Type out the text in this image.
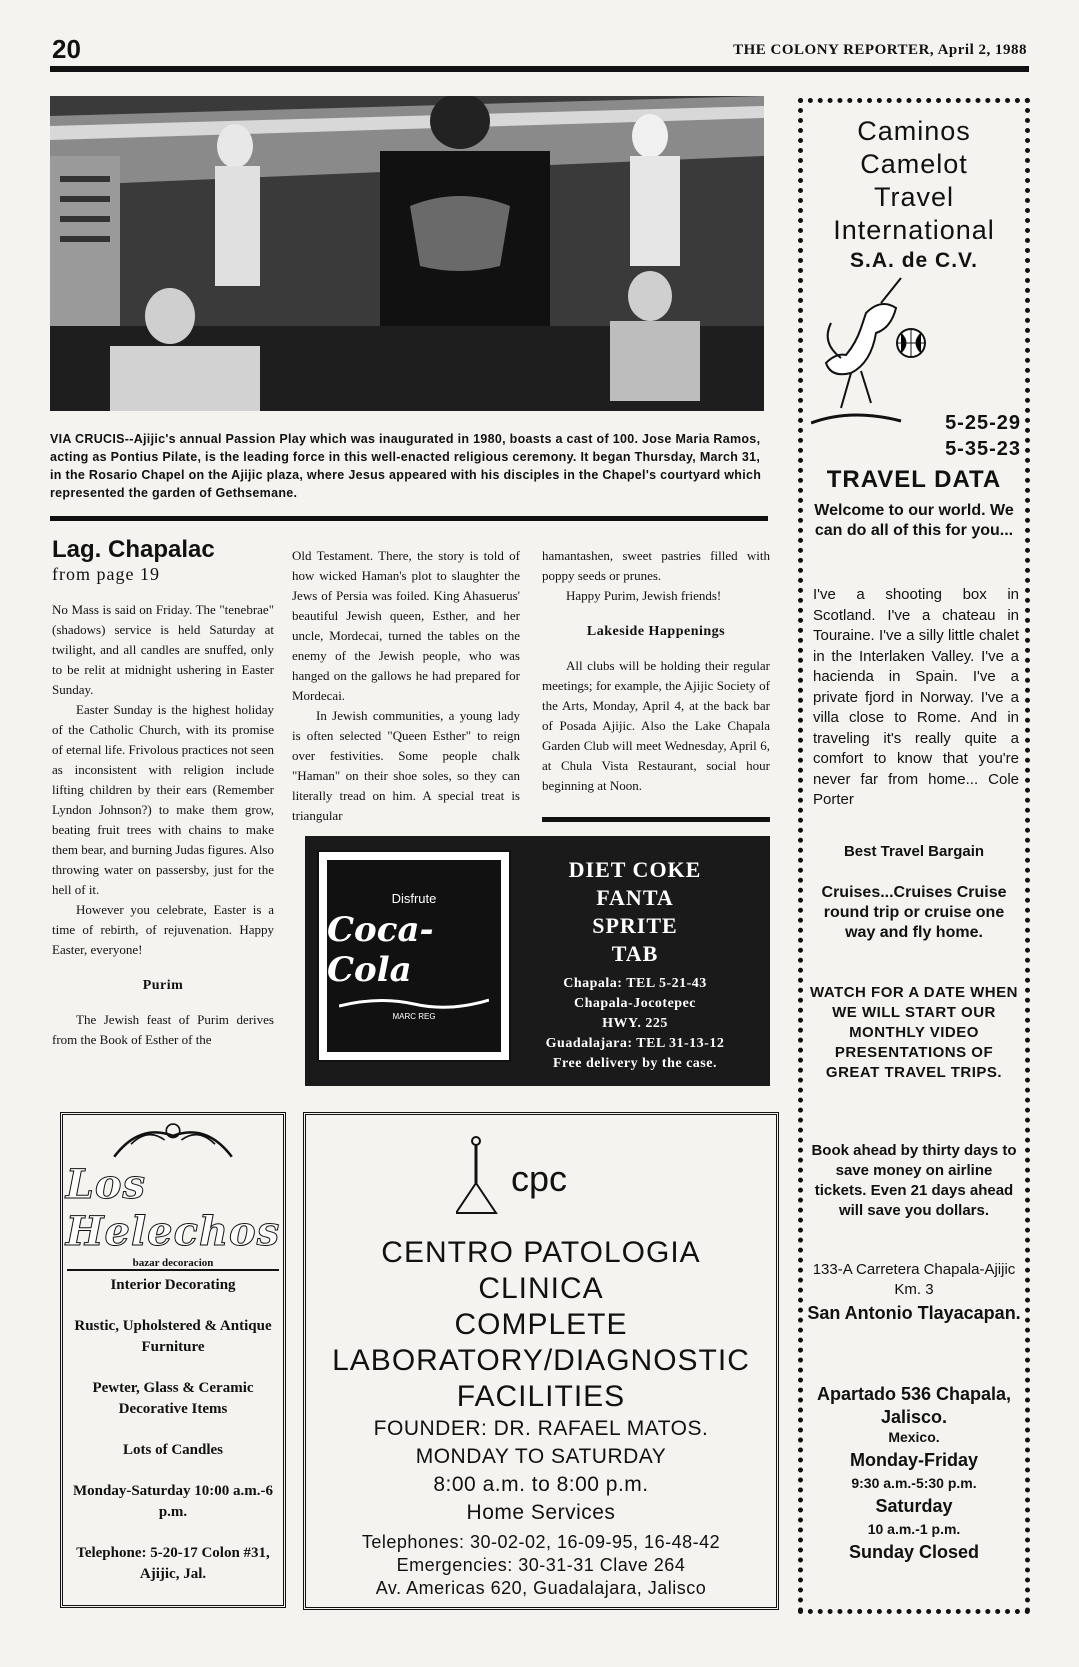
20	THE COLONY REPORTER, April 2, 1988
VIA CRUCIS--Ajijic's annual Passion Play which was inaugurated in 1980, boasts a cast of 100. Jose Maria Ramos, acting as Pontius Pilate, is the leading force in this well-enacted religious ceremony. It began Thursday, March 31, in the Rosario Chapel on the Ajijic plaza, where Jesus appeared with his disciples in the Chapel's courtyard which represented the garden of Gethsemane.
Lag. Chapalac
from page 19

No Mass is said on Friday. The "tenebrae" (shadows) service is held Saturday at twilight, and all candles are snuffed, only to be relit at midnight ushering in Easter Sunday.

Easter Sunday is the highest holiday of the Catholic Church, with its promise of eternal life. Frivolous practices not seen as inconsistent with religion include lifting children by their ears (Remember Lyndon Johnson?) to make them grow, beating fruit trees with chains to make them bear, and burning Judas figures. Also throwing water on passersby, just for the hell of it.

However you celebrate, Easter is a time of rebirth, of rejuvenation. Happy Easter, everyone!

Purim

The Jewish feast of Purim derives from the Book of Esther of the

Old Testament. There, the story is told of how wicked Haman's plot to slaughter the Jews of Persia was foiled. King Ahasuerus' beautiful Jewish queen, Esther, and her uncle, Mordecai, turned the tables on the enemy of the Jewish people, who was hanged on the gallows he had prepared for Mordecai.

In Jewish communities, a young lady is often selected "Queen Esther" to reign over festivities. Some people chalk "Haman" on their shoe soles, so they can literally tread on him. A special treat is triangular

hamantashen, sweet pastries filled with poppy seeds or prunes.

Happy Purim, Jewish friends!

Lakeside Happenings

All clubs will be holding their regular meetings; for example, the Ajijic Society of the Arts, Monday, April 4, at the back bar of Posada Ajijic. Also the Lake Chapala Garden Club will meet Wednesday, April 6, at Chula Vista Restaurant, social hour beginning at Noon.

Disfrute
Coca-Cola
MARC REG
DIET COKE
FANTA
SPRITE
TAB
Chapala: TEL 5-21-43
Chapala-Jocotepec
HWY. 225
Guadalajara: TEL 31-13-12
Free delivery by the case.
Los Helechos
bazar decoracion
Interior Decorating
Rustic, Upholstered & Antique Furniture
Pewter, Glass & Ceramic Decorative Items
Lots of Candles
Monday-Saturday 10:00 a.m.-6 p.m.
Telephone: 5-20-17 Colon #31, Ajijic, Jal.
cpc
CENTRO PATOLOGIA
CLINICA
COMPLETE
LABORATORY/DIAGNOSTIC
FACILITIES
FOUNDER: DR. RAFAEL MATOS.
MONDAY TO SATURDAY
8:00 a.m. to 8:00 p.m.
Home Services
Telephones: 30-02-02, 16-09-95, 16-48-42
Emergencies: 30-31-31 Clave 264
Av. Americas 620, Guadalajara, Jalisco
Caminos
Camelot
Travel
International
S.A. de C.V.
5-25-29
5-35-23
TRAVEL DATA
Welcome to our world. We can do all of this for you...
I've a shooting box in Scotland. I've a chateau in Touraine. I've a silly little chalet in the Interlaken Valley. I've a hacienda in Spain. I've a private fjord in Norway. I've a villa close to Rome. And in traveling it's really quite a comfort to know that you're never far from home... Cole Porter
Best Travel Bargain
Cruises...Cruises Cruise round trip or cruise one way and fly home.
WATCH FOR A DATE WHEN WE WILL START OUR MONTHLY VIDEO PRESENTATIONS OF GREAT TRAVEL TRIPS.
Book ahead by thirty days to save money on airline tickets. Even 21 days ahead will save you dollars.
133-A Carretera Chapala-Ajijic Km. 3
San Antonio Tlayacapan.
Apartado 536 Chapala, Jalisco.
Mexico.
Monday-Friday
9:30 a.m.-5:30 p.m.
Saturday
10 a.m.-1 p.m.
Sunday Closed
